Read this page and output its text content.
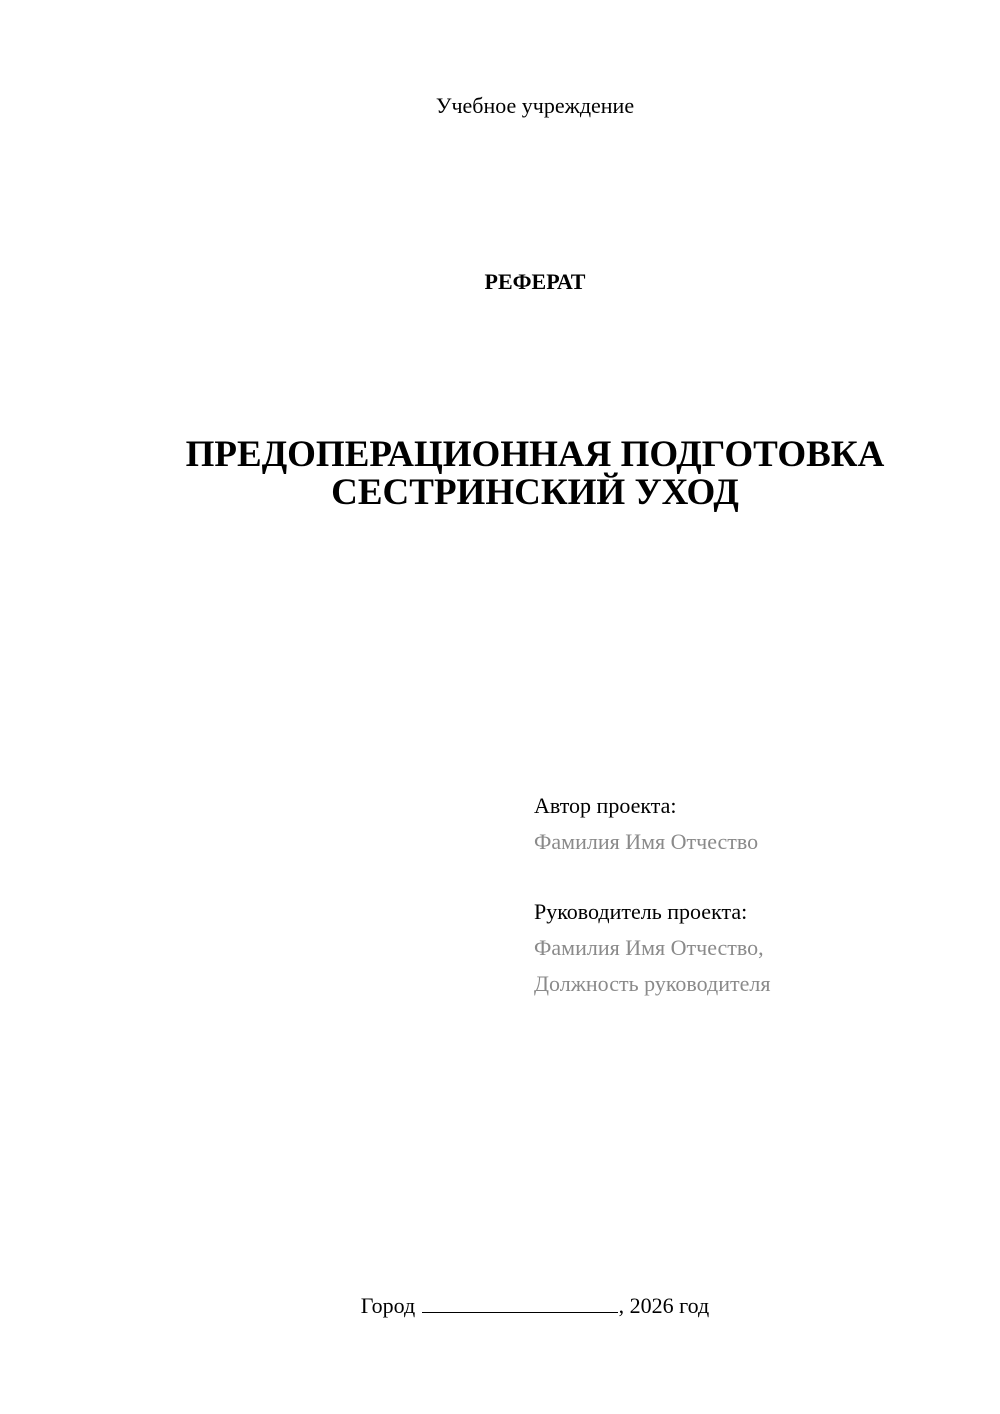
Учебное учреждение
РЕФЕРАТ
ПРЕДОПЕРАЦИОННАЯ ПОДГОТОВКА
СЕСТРИНСКИЙ УХОД
Автор проекта:
Фамилия Имя Отчество
Руководитель проекта:
Фамилия Имя Отчество,
Должность руководителя
Город	, 2026 год
